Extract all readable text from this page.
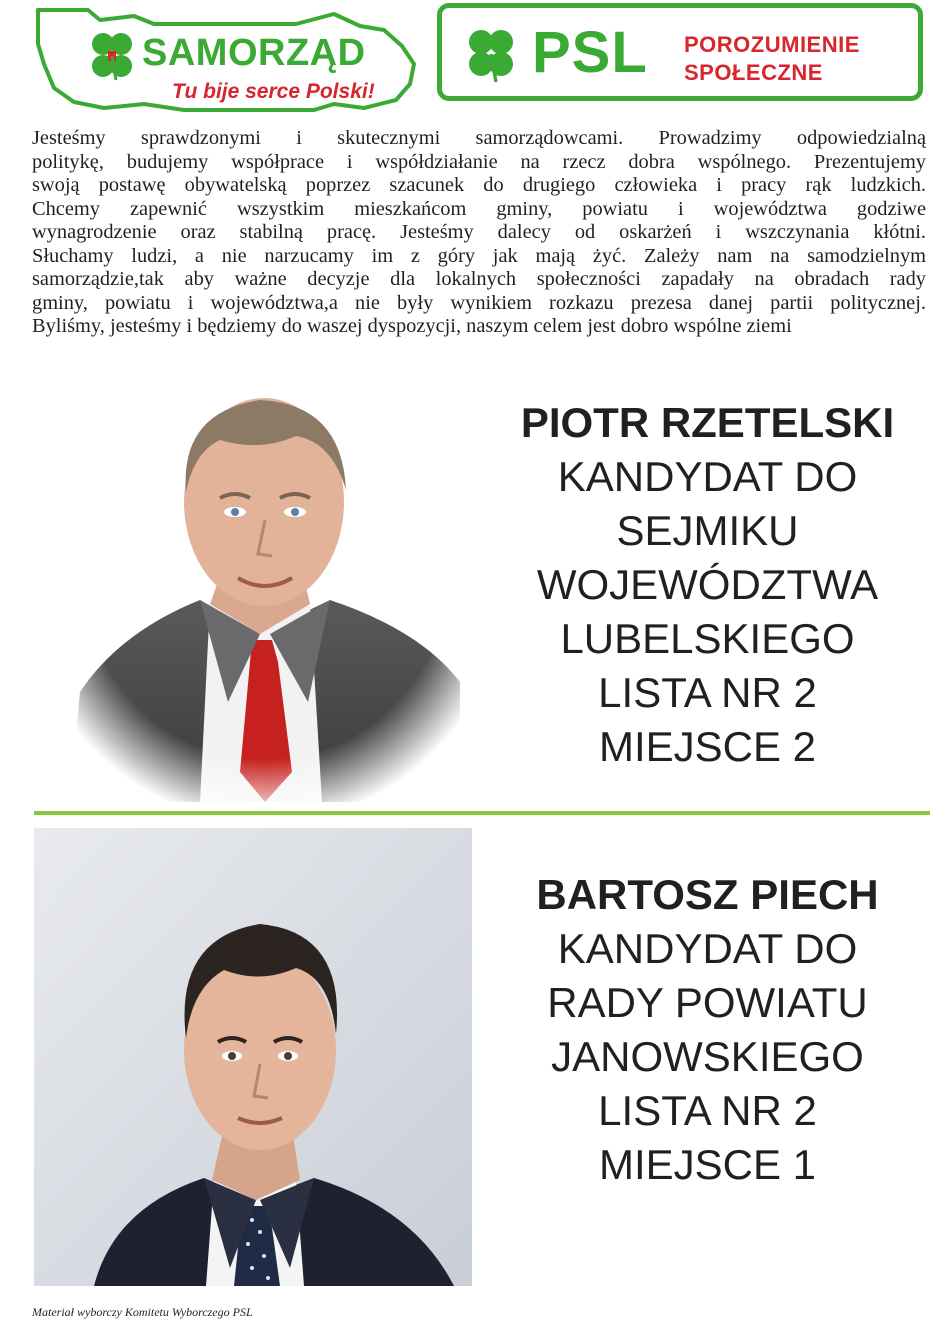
SAMORZĄD
Tu bije serce Polski!
PSL POROZUMIENIE
SPOŁECZNE
Jesteśmy sprawdzonymi i skutecznymi samorządowcami. Prowadzimy odpowiedzialną
politykę, budujemy współprace i współdziałanie na rzecz dobra wspólnego. Prezentujemy
swoją postawę obywatelską poprzez szacunek do drugiego człowieka i pracy rąk ludzkich.
Chcemy zapewnić wszystkim mieszkańcom gminy, powiatu i województwa godziwe
wynagrodzenie oraz stabilną pracę. Jesteśmy dalecy od oskarżeń i wszczynania kłótni.
Słuchamy ludzi, a nie narzucamy im z góry jak mają żyć. Zależy nam na samodzielnym
samorządzie,tak aby ważne decyzje dla lokalnych społeczności zapadały na obradach rady
gminy, powiatu i województwa,a nie były wynikiem rozkazu prezesa danej partii politycznej.
Byliśmy, jesteśmy i będziemy do waszej dyspozycji, naszym celem jest dobro wspólne ziemi
PIOTR RZETELSKI
KANDYDAT DO
SEJMIKU
WOJEWÓDZTWA
LUBELSKIEGO
LISTA NR 2
MIEJSCE 2
BARTOSZ PIECH
KANDYDAT DO
RADY POWIATU
JANOWSKIEGO
LISTA NR 2
MIEJSCE 1
Materiał wyborczy Komitetu Wyborczego PSL
